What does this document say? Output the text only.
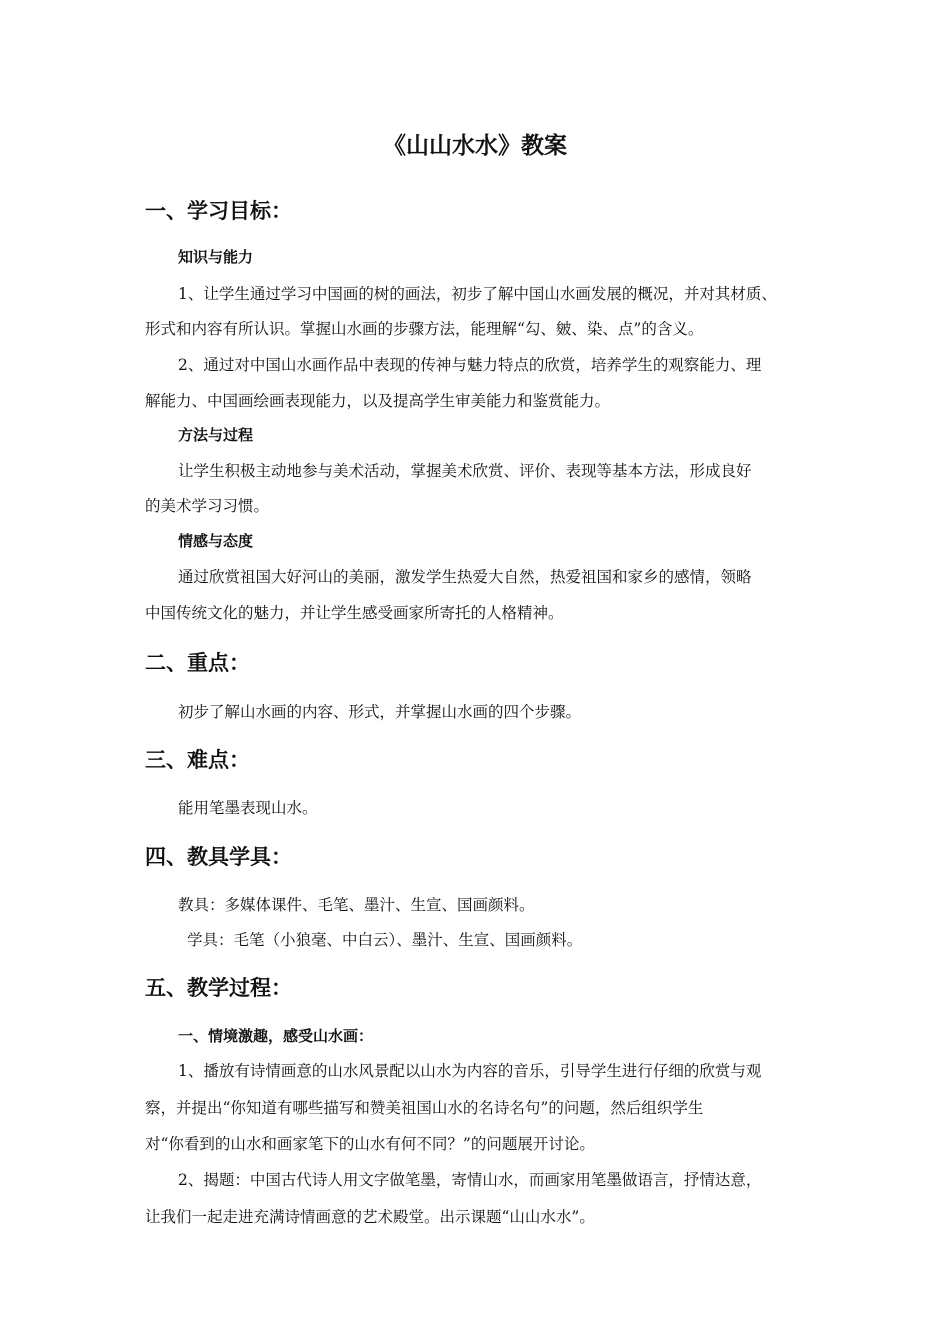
《山山水水》教案
一、学习目标：
知识与能力
1、让学生通过学习中国画的树的画法，初步了解中国山水画发展的概况，并对其材质、
形式和内容有所认识。掌握山水画的步骤方法，能理解“勾、皴、染、点”的含义。
2、通过对中国山水画作品中表现的传神与魅力特点的欣赏，培养学生的观察能力、理
解能力、中国画绘画表现能力，以及提高学生审美能力和鉴赏能力。
方法与过程
让学生积极主动地参与美术活动，掌握美术欣赏、评价、表现等基本方法，形成良好
的美术学习习惯。
情感与态度
通过欣赏祖国大好河山的美丽，激发学生热爱大自然，热爱祖国和家乡的感情，领略
中国传统文化的魅力，并让学生感受画家所寄托的人格精神。
二、重点：
初步了解山水画的内容、形式，并掌握山水画的四个步骤。
三、难点：
能用笔墨表现山水。
四、教具学具：
教具：多媒体课件、毛笔、墨汁、生宣、国画颜料。
学具：毛笔（小狼毫、中白云）、墨汁、生宣、国画颜料。
五、教学过程：
一、情境激趣，感受山水画：
1、播放有诗情画意的山水风景配以山水为内容的音乐，引导学生进行仔细的欣赏与观
察，并提出“你知道有哪些描写和赞美祖国山水的名诗名句”的问题，然后组织学生
对“你看到的山水和画家笔下的山水有何不同？”的问题展开讨论。
2、揭题：中国古代诗人用文字做笔墨，寄情山水，而画家用笔墨做语言，抒情达意，
让我们一起走进充满诗情画意的艺术殿堂。出示课题“山山水水”。
